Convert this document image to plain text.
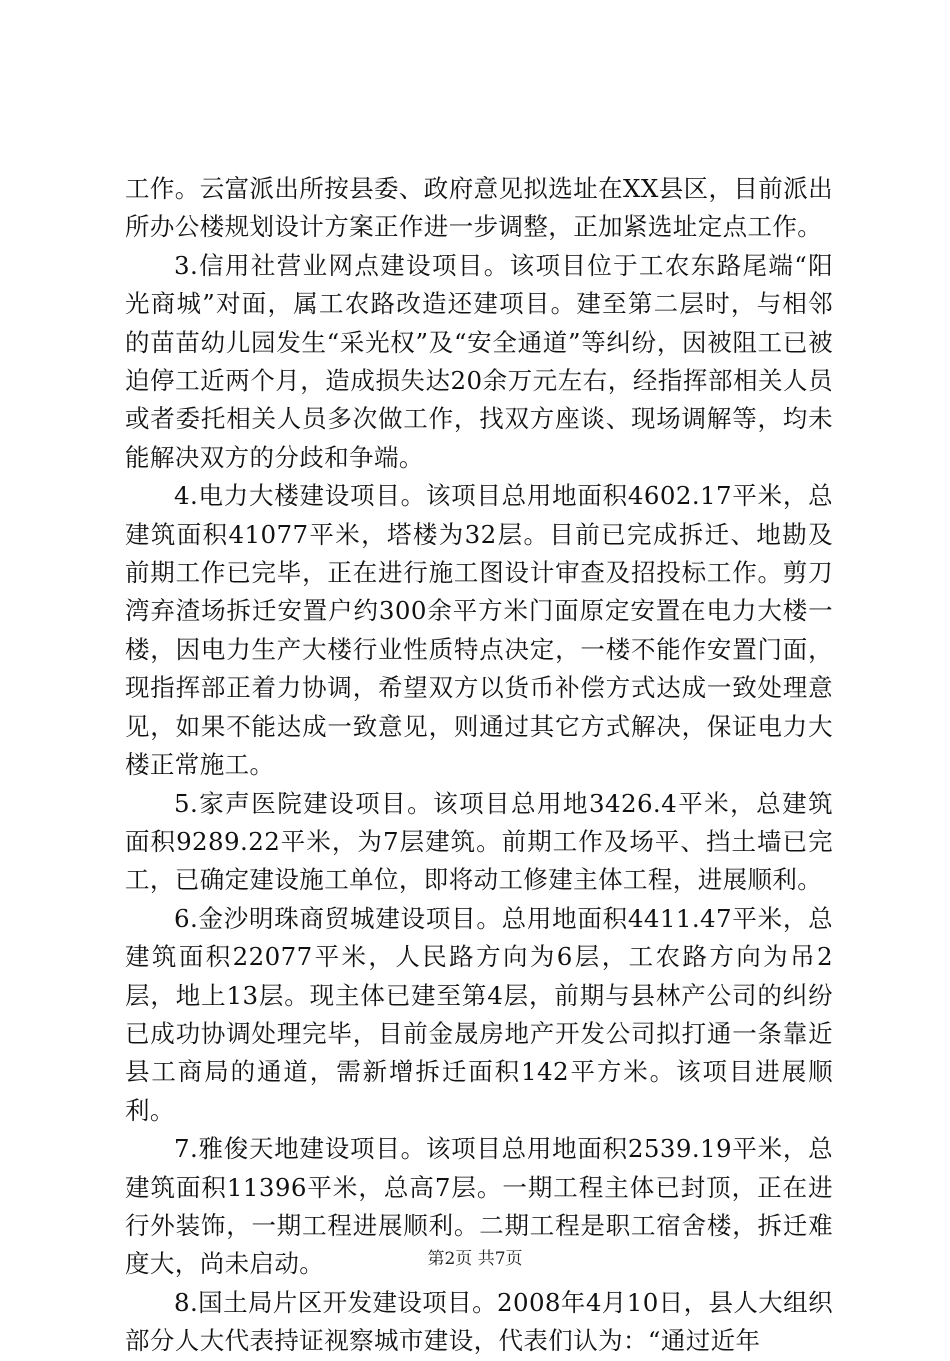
工作。云富派出所按县委、政府意见拟选址在XX县区，目前派出所办公楼规划设计方案正作进一步调整，正加紧选址定点工作。

3.信用社营业网点建设项目。该项目位于工农东路尾端“阳光商城”对面，属工农路改造还建项目。建至第二层时，与相邻的苗苗幼儿园发生“采光权”及“安全通道”等纠纷，因被阻工已被迫停工近两个月，造成损失达20余万元左右，经指挥部相关人员或者委托相关人员多次做工作，找双方座谈、现场调解等，均未能解决双方的分歧和争端。

4.电力大楼建设项目。该项目总用地面积4602.17平米，总建筑面积41077平米，塔楼为32层。目前已完成拆迁、地勘及前期工作已完毕，正在进行施工图设计审查及招投标工作。剪刀湾弃渣场拆迁安置户约300余平方米门面原定安置在电力大楼一楼，因电力生产大楼行业性质特点决定，一楼不能作安置门面，现指挥部正着力协调，希望双方以货币补偿方式达成一致处理意见，如果不能达成一致意见，则通过其它方式解决，保证电力大楼正常施工。

5.家声医院建设项目。该项目总用地3426.4平米，总建筑面积9289.22平米，为7层建筑。前期工作及场平、挡土墙已完工，已确定建设施工单位，即将动工修建主体工程，进展顺利。

6.金沙明珠商贸城建设项目。总用地面积4411.47平米，总建筑面积22077平米，人民路方向为6层，工农路方向为吊2层，地上13层。现主体已建至第4层，前期与县林产公司的纠纷已成功协调处理完毕，目前金晟房地产开发公司拟打通一条靠近县工商局的通道，需新增拆迁面积142平方米。该项目进展顺利。

7.雅俊天地建设项目。该项目总用地面积2539.19平米，总建筑面积11396平米，总高7层。一期工程主体已封顶，正在进行外装饰，一期工程进展顺利。二期工程是职工宿舍楼，拆迁难度大，尚未启动。

8.国土局片区开发建设项目。2008年4月10日，县人大组织部分人大代表持证视察城市建设，代表们认为：“通过近年

第2页 共7页
